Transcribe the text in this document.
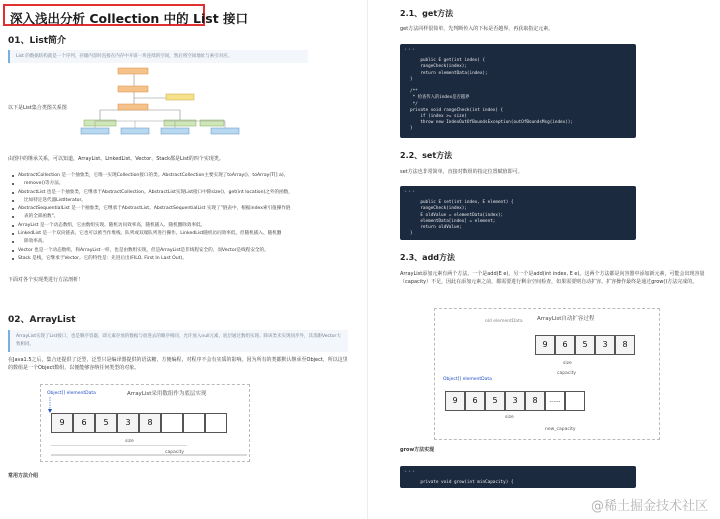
深入浅出分析 Collection 中的 List 接口
01、List简介
List 的数据结构就是一个序列，存储内容时直接在内存中开辟一块连续的空间，然后将空间地址与索引对应。
以下是List集合类图关系图
由图中的继承关系，可以知道，ArrayList、LinkedList、Vector、Stack都是List的四个实现类。
AbstractCollection 是一个抽象类，它唯一实现Collection接口的类。AbstractCollection主要实现了toArray()、toArray(T[] a)、
remove()等方法。
AbstractList 也是一个抽象类，它继承于AbstractCollection。AbstractList实现List接口中除size()、get(int location)之外的函数，
比如特定迭代器ListIterator。
AbstractSequentialList 是一个抽象类，它继承于AbstractList。AbstractSequentialList 实现了"链表中，根据index索引值操作链
表的全部函数"。
ArrayList 是一个动态数组，它由数组实现。随机访问效率高，随机插入、随机删除效率低。
LinkedList 是一个双向链表。它也可以被当作堆栈、队列或双端队列进行操作。LinkedList随机访问效率低，但随机插入、随机删
除效率高。
Vector 也是一个动态数组，和ArrayList一样，也是由数组实现。但是ArrayList是非线程安全的，而Vector是线程安全的。
Stack 是栈，它继承于Vector。它的特性是：先进后出(FILO, First In Last Out)。
下面对各个实现类进行方法剖析！
02、ArrayList
ArrayList实现了List接口，也是顺序容器，即元素存放的数据与放进去的顺序相同，允许放入null元素，底层通过数组实现。除该类未实现同步外，其余跟Vector大致相同。
在Java1.5之后，集合还提供了泛型，泛型只是编译器提供的语法糖，方便编程，对程序不会有实质的影响。因为所有的类都默认继承至Object，所以这里的数组是一个Object数组，以便能够容纳任何类型的对象。
ArrayList采用数组作为底层实现
Object[] elementData
9	6	5	3	8
size
capacity
常用方法介绍
2.1、get方法
get方法同样很简单，先判断传入的下标是否越界，再获取指定元素。

•••
public E get(int index) {
rangeCheck(index);
return elementData(index);
}

/**
* 检查传入的index是否越界
*/
private void rangeCheck(int index) {
if (index >= size)
throw new IndexOutOfBoundsException(outOfBoundsMsg(index));
}

2.2、set方法
set方法也非常简单，直接对数组的指定位置赋值即可。

•••
public E set(int index, E element) {
rangeCheck(index);
E oldValue = elementData(index);
elementData[index] = element;
return oldValue;
}

2.3、add方法
ArrayList添加元素有两个方法，一个是add(E e)，另一个是add(int index, E e)。这两个方法都是向容器中添加新元素，可能会出现容量（capacity）不足，因此在添加元素之前，都需要进行剩余空间检查，如果需要则自动扩容。扩容操作最终是通过grow()方法完成的。
ArrayList自动扩容过程
old elementData
9	6	5	3	8
size
capacity
Object[] elementData
9	6	5	3	8	......
size
new_capacity
grow方法实现

•••
private void grow(int minCapacity) {

@稀土掘金技术社区
